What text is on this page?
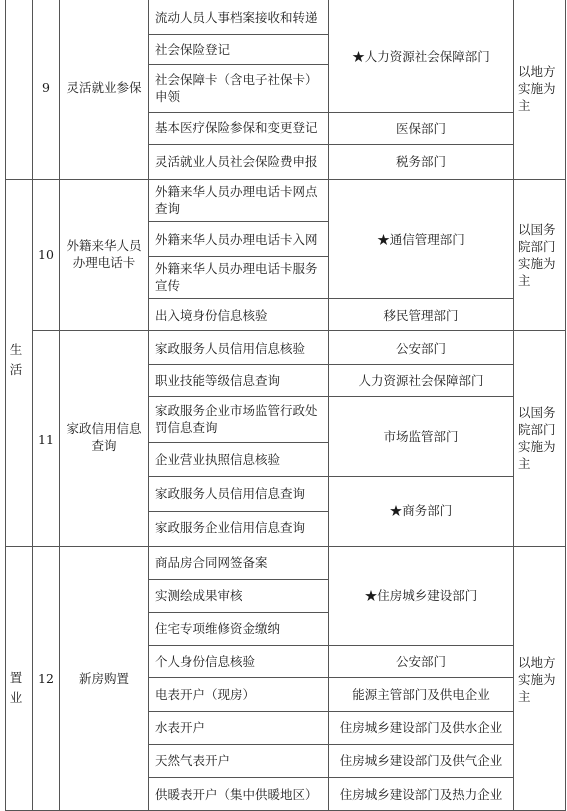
生
活
置
业
9	灵活就业参保
流动人员人事档案接收和转递
社会保险登记
社会保障卡（含电子社保卡）申领
基本医疗保险参保和变更登记
灵活就业人员社会保险费申报
★人力资源社会保障部门
医保部门
税务部门
以地方实施为主
10
外籍来华人员办理电话卡
外籍来华人员办理电话卡网点查询
外籍来华人员办理电话卡入网
外籍来华人员办理电话卡服务宣传
出入境身份信息核验
★通信管理部门
移民管理部门
以国务院部门实施为主
11
家政信用信息查询
家政服务人员信用信息核验
职业技能等级信息查询
家政服务企业市场监管行政处罚信息查询
企业营业执照信息核验
家政服务人员信用信息查询
家政服务企业信用信息查询
公安部门
人力资源社会保障部门
市场监管部门
★商务部门
以国务院部门实施为主
12	新房购置
商品房合同网签备案
实测绘成果审核
住宅专项维修资金缴纳
个人身份信息核验
电表开户（现房）
水表开户
天然气表开户
供暖表开户（集中供暖地区）
★住房城乡建设部门
公安部门
能源主管部门及供电企业
住房城乡建设部门及供水企业
住房城乡建设部门及供气企业
住房城乡建设部门及热力企业
以地方实施为主
